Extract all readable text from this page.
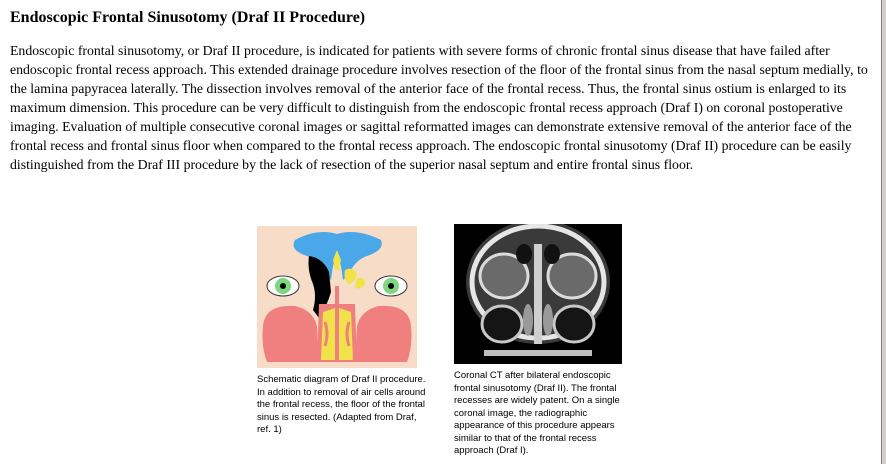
Endoscopic Frontal Sinusotomy (Draf II Procedure)

Endoscopic frontal sinusotomy, or Draf II procedure, is indicated for patients with severe forms of chronic frontal sinus disease that have failed after endoscopic frontal recess approach. This extended drainage procedure involves resection of the floor of the frontal sinus from the nasal septum medially, to the lamina papyracea laterally. The dissection involves removal of the anterior face of the frontal recess. Thus, the frontal sinus ostium is enlarged to its maximum dimension. This procedure can be very difficult to distinguish from the endoscopic frontal recess approach (Draf I) on coronal postoperative imaging. Evaluation of multiple consecutive coronal images or sagittal reformatted images can demonstrate extensive removal of the anterior face of the frontal recess and frontal sinus floor when compared to the frontal recess approach. The endoscopic frontal sinusotomy (Draf II) procedure can be easily distinguished from the Draf III procedure by the lack of resection of the superior nasal septum and entire frontal sinus floor.

Schematic diagram of Draf II procedure. In addition to removal of air cells around the frontal recess, the floor of the frontal sinus is resected. (Adapted from Draf, ref. 1)
Coronal CT after bilateral endoscopic frontal sinusotomy (Draf II). The frontal recesses are widely patent. On a single coronal image, the radiographic appearance of this procedure appears similar to that of the frontal recess approach (Draf I).
